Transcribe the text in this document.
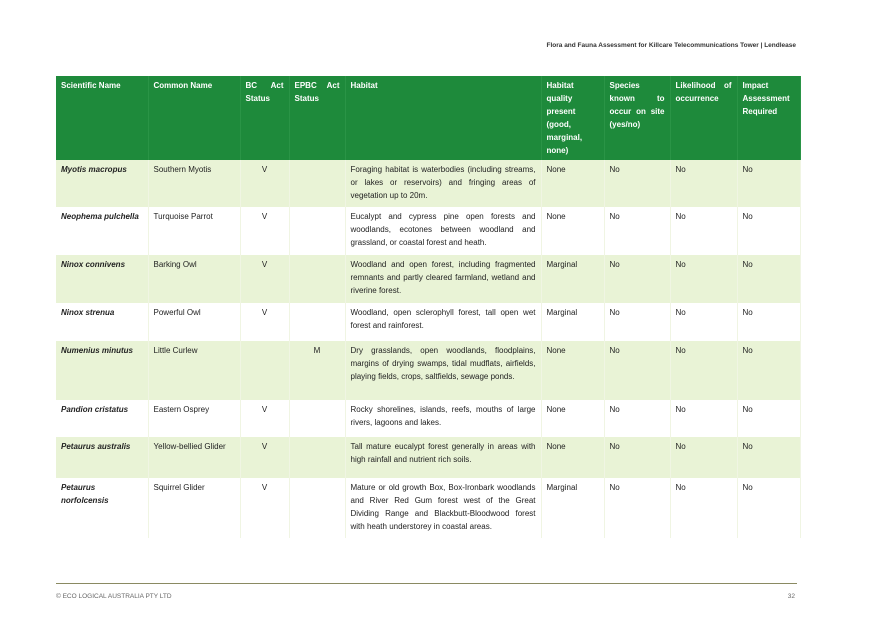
Flora and Fauna Assessment for Killcare Telecommunications Tower | Lendlease
Scientific Name	Common Name	BC Act Status	EPBC Act Status	Habitat	Habitat quality present (good, marginal, none)	Species known to occur on site (yes/no)	Likelihood of occurrence	Impact Assessment Required
Myotis macropus	Southern Myotis	V		Foraging habitat is waterbodies (including streams, or lakes or reservoirs) and fringing areas of vegetation up to 20m.	None	No	No	No
Neophema pulchella	Turquoise Parrot	V		Eucalypt and cypress pine open forests and woodlands, ecotones between woodland and grassland, or coastal forest and heath.	None	No	No	No
Ninox connivens	Barking Owl	V		Woodland and open forest, including fragmented remnants and partly cleared farmland, wetland and riverine forest.	Marginal	No	No	No
Ninox strenua	Powerful Owl	V		Woodland, open sclerophyll forest, tall open wet forest and rainforest.	Marginal	No	No	No
Numenius minutus	Little Curlew		M	Dry grasslands, open woodlands, floodplains, margins of drying swamps, tidal mudflats, airfields, playing fields, crops, saltfields, sewage ponds.	None	No	No	No
Pandion cristatus	Eastern Osprey	V		Rocky shorelines, islands, reefs, mouths of large rivers, lagoons and lakes.	None	No	No	No
Petaurus australis	Yellow-bellied Glider	V		Tall mature eucalypt forest generally in areas with high rainfall and nutrient rich soils.	None	No	No	No
Petaurus norfolcensis	Squirrel Glider	V		Mature or old growth Box, Box-Ironbark woodlands and River Red Gum forest west of the Great Dividing Range and Blackbutt-Bloodwood forest with heath understorey in coastal areas.	Marginal	No	No	No
© ECO LOGICAL AUSTRALIA PTY LTD	32
